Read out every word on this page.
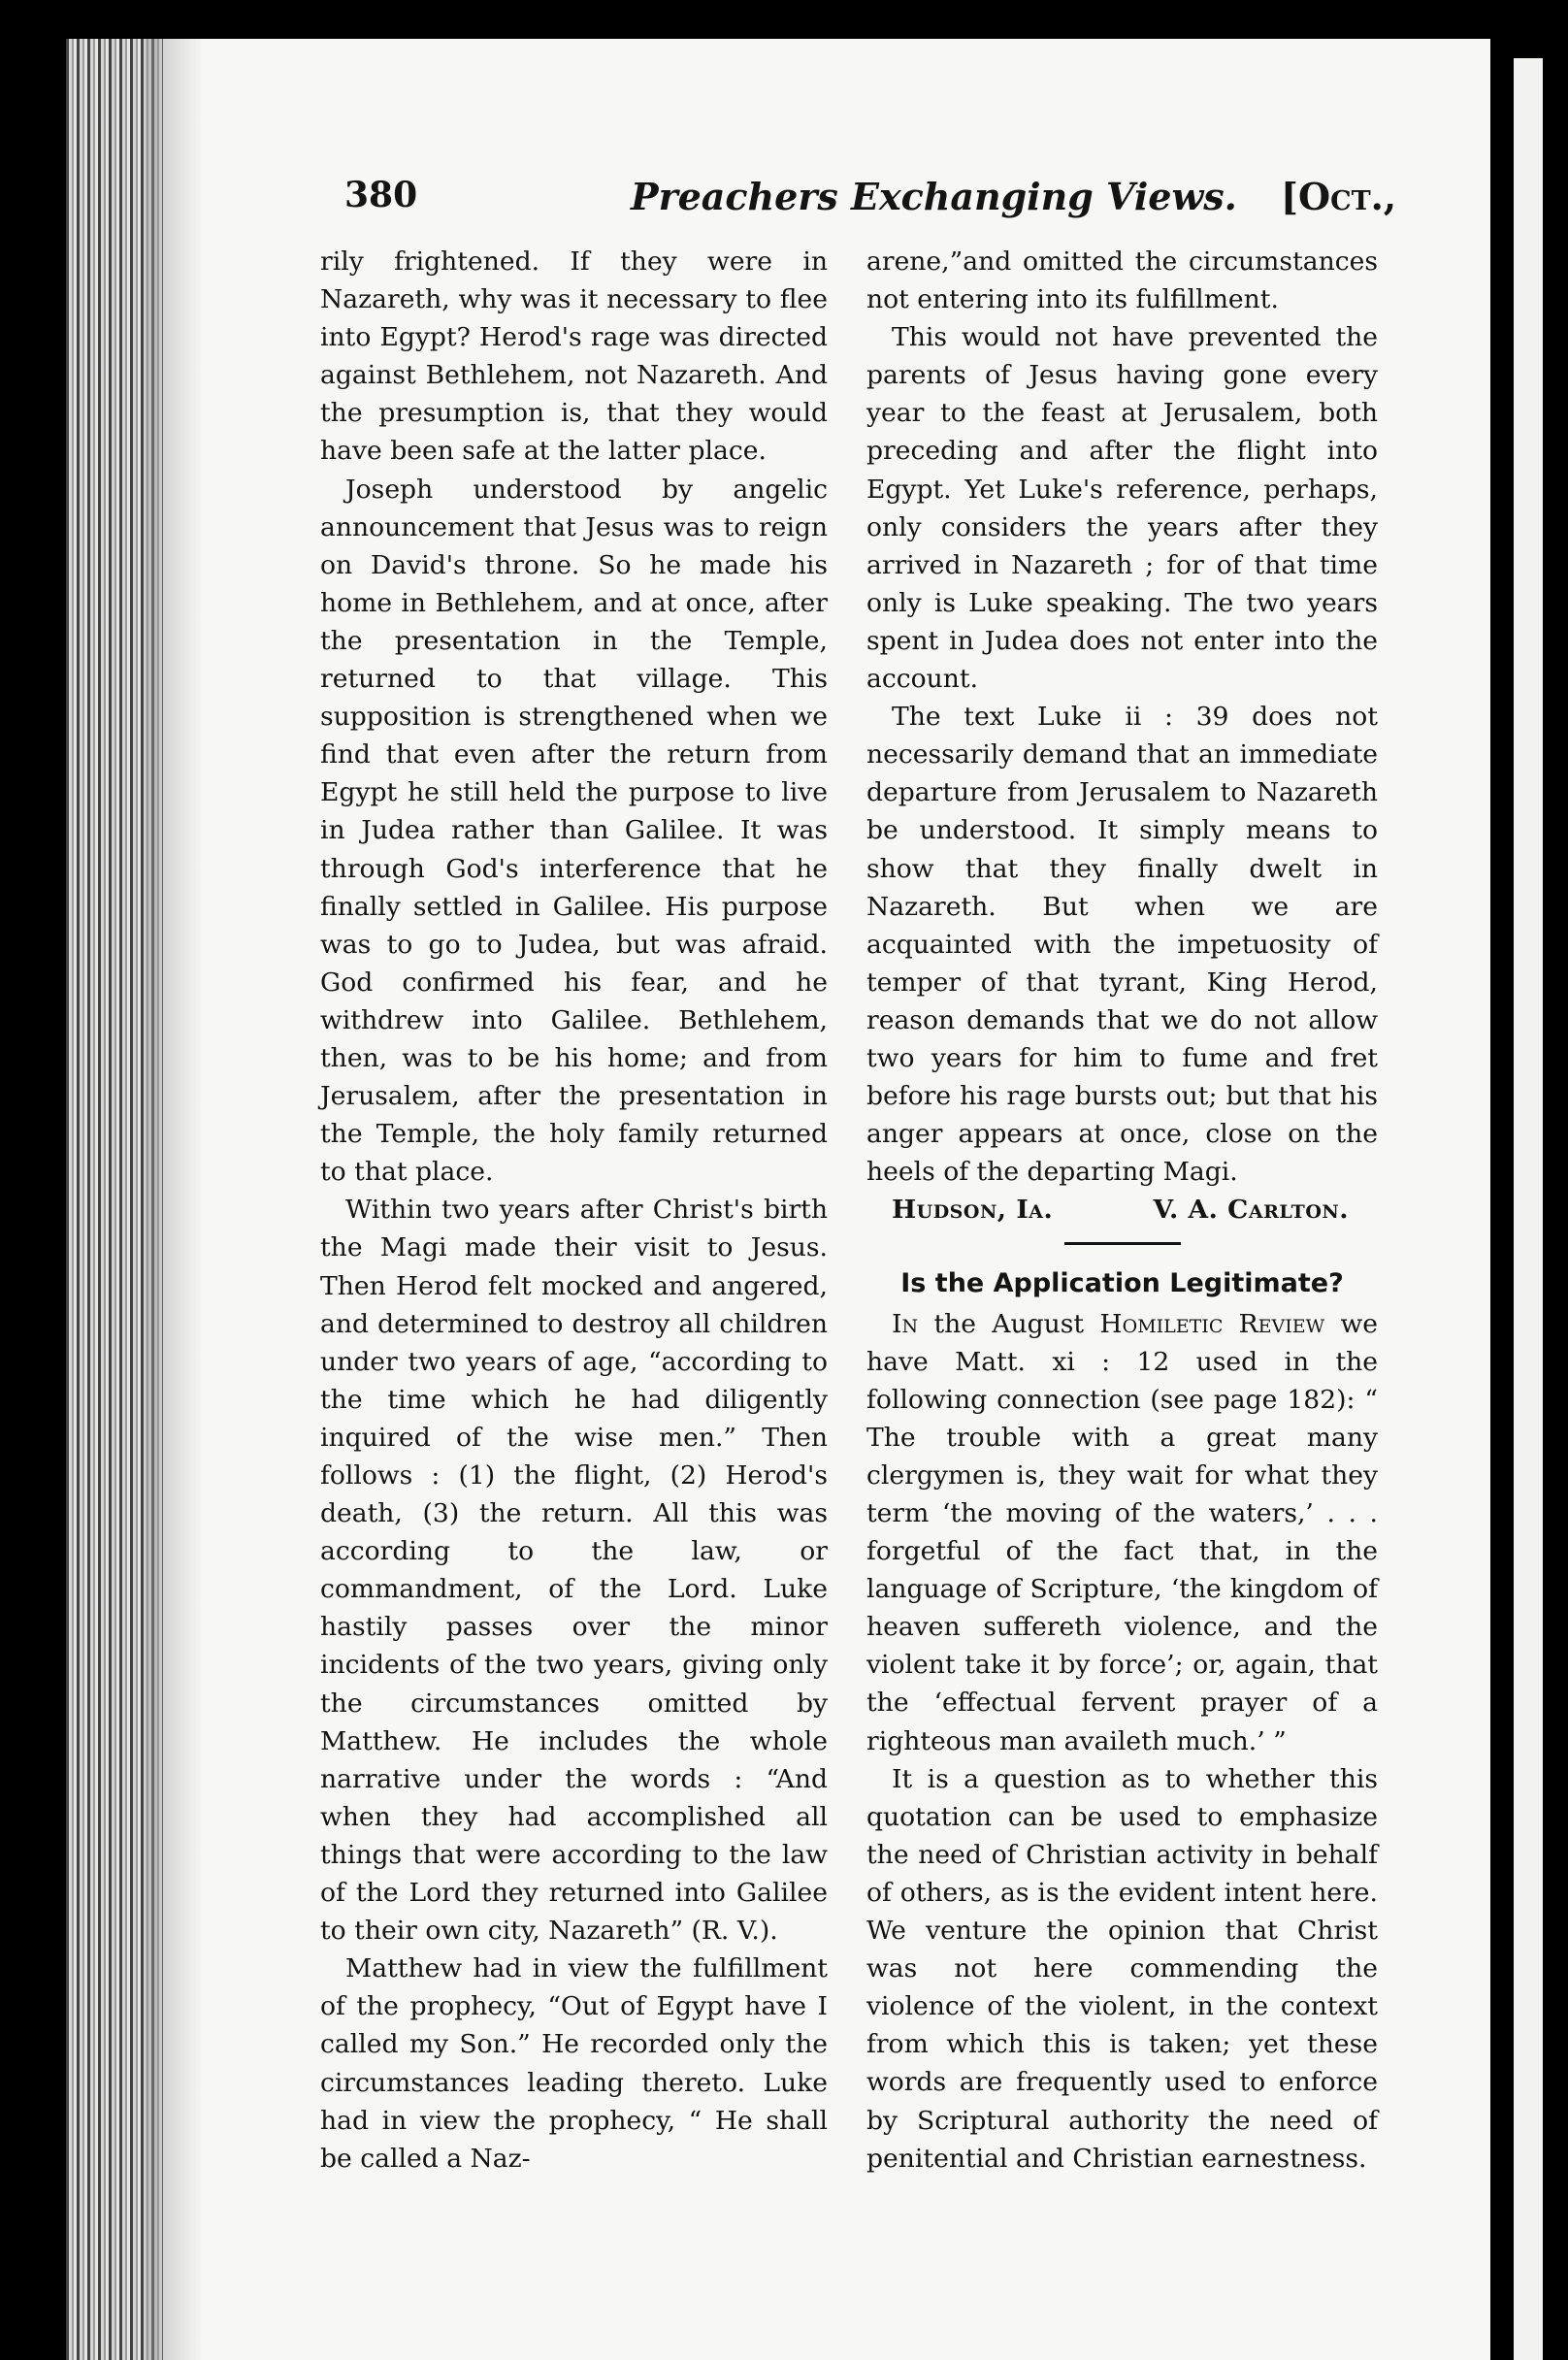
380	Preachers Exchanging Views. [Oct.,

rily frightened. If they were in Nazareth, why was it necessary to flee into Egypt? Herod's rage was directed against Bethlehem, not Nazareth. And the presumption is, that they would have been safe at the latter place.

Joseph understood by angelic announcement that Jesus was to reign on David's throne. So he made his home in Bethlehem, and at once, after the presentation in the Temple, returned to that village. This supposition is strengthened when we find that even after the return from Egypt he still held the purpose to live in Judea rather than Galilee. It was through God's interference that he finally settled in Galilee. His purpose was to go to Judea, but was afraid. God confirmed his fear, and he withdrew into Galilee. Bethlehem, then, was to be his home; and from Jerusalem, after the presentation in the Temple, the holy family returned to that place.

Within two years after Christ's birth the Magi made their visit to Jesus. Then Herod felt mocked and angered, and determined to destroy all children under two years of age, “according to the time which he had diligently inquired of the wise men.” Then follows : (1) the flight, (2) Herod's death, (3) the return. All this was according to the law, or commandment, of the Lord. Luke hastily passes over the minor incidents of the two years, giving only the circumstances omitted by Matthew. He includes the whole narrative under the words : “And when they had accomplished all things that were according to the law of the Lord they returned into Galilee to their own city, Nazareth” (R. V.).

Matthew had in view the fulfillment of the prophecy, “Out of Egypt have I called my Son.” He recorded only the circumstances leading thereto. Luke had in view the prophecy, “ He shall be called a Naz-

arene,”and omitted the circumstances not entering into its fulfillment.

This would not have prevented the parents of Jesus having gone every year to the feast at Jerusalem, both preceding and after the flight into Egypt. Yet Luke's reference, perhaps, only considers the years after they arrived in Nazareth ; for of that time only is Luke speaking. The two years spent in Judea does not enter into the account.

The text Luke ii : 39 does not necessarily demand that an immediate departure from Jerusalem to Nazareth be understood. It simply means to show that they finally dwelt in Nazareth. But when we are acquainted with the impetuosity of temper of that tyrant, King Herod, reason demands that we do not allow two years for him to fume and fret before his rage bursts out; but that his anger appears at once, close on the heels of the departing Magi.

Hudson, Ia.	V. A. Carlton.
Is the Application Legitimate?

In the August Homiletic Review we have Matt. xi : 12 used in the following connection (see page 182): “ The trouble with a great many clergymen is, they wait for what they term ‘the moving of the waters,’ . . . forgetful of the fact that, in the language of Scripture, ‘the kingdom of heaven suffereth violence, and the violent take it by force’; or, again, that the ‘effectual fervent prayer of a righteous man availeth much.’ ”

It is a question as to whether this quotation can be used to emphasize the need of Christian activity in behalf of others, as is the evident intent here. We venture the opinion that Christ was not here commending the violence of the violent, in the context from which this is taken; yet these words are frequently used to enforce by Scriptural authority the need of penitential and Christian earnestness.
